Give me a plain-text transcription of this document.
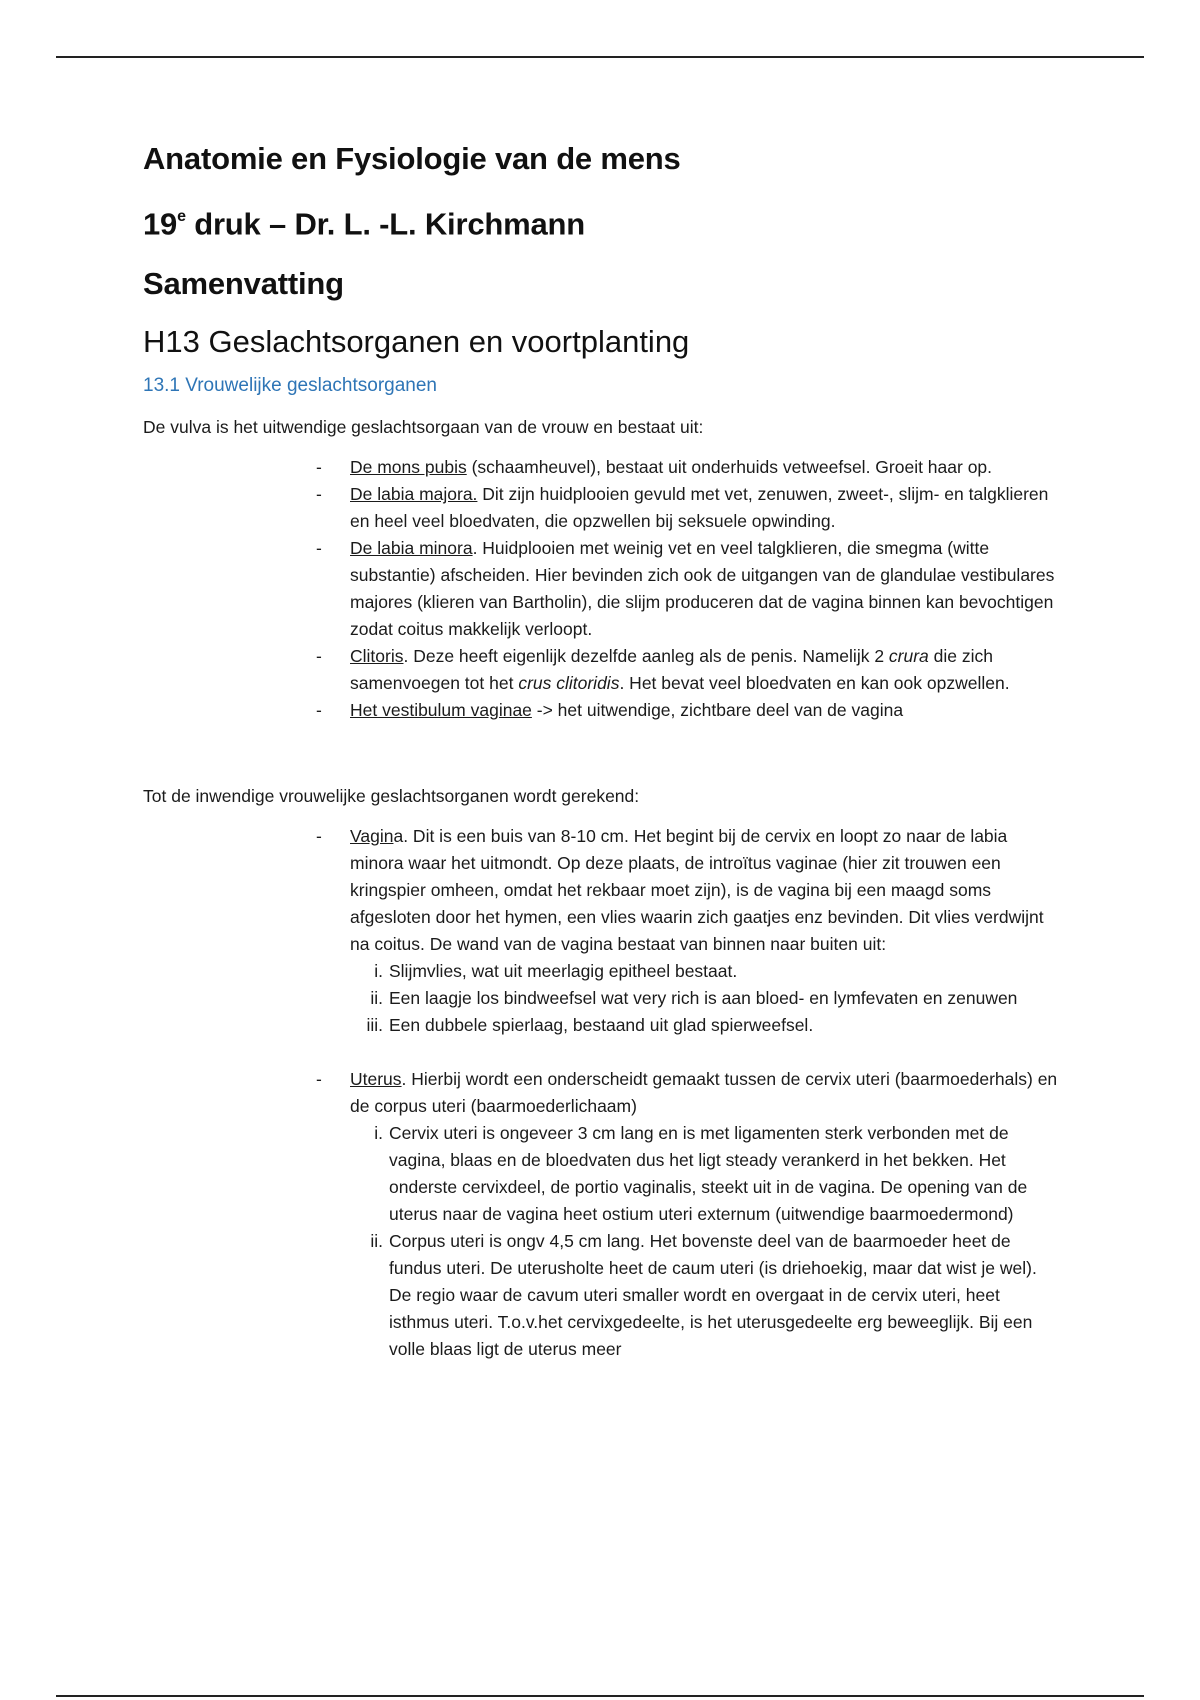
Anatomie en Fysiologie van de mens
19e druk – Dr. L. -L. Kirchmann
Samenvatting
H13 Geslachtsorganen en voortplanting
13.1 Vrouwelijke geslachtsorganen

De vulva is het uitwendige geslachtsorgaan van de vrouw en bestaat uit:

- De mons pubis (schaamheuvel), bestaat uit onderhuids vetweefsel. Groeit haar op.
- De labia majora. Dit zijn huidplooien gevuld met vet, zenuwen, zweet-, slijm- en talgklieren en heel veel bloedvaten, die opzwellen bij seksuele opwinding.
- De labia minora. Huidplooien met weinig vet en veel talgklieren, die smegma (witte substantie) afscheiden. Hier bevinden zich ook de uitgangen van de glandulae vestibulares majores (klieren van Bartholin), die slijm produceren dat de vagina binnen kan bevochtigen zodat coitus makkelijk verloopt.
- Clitoris. Deze heeft eigenlijk dezelfde aanleg als de penis. Namelijk 2 crura die zich samenvoegen tot het crus clitoridis. Het bevat veel bloedvaten en kan ook opzwellen.
- Het vestibulum vaginae -> het uitwendige, zichtbare deel van de vagina

Tot de inwendige vrouwelijke geslachtsorganen wordt gerekend:

- Vagina. Dit is een buis van 8-10 cm. Het begint bij de cervix en loopt zo naar de labia minora waar het uitmondt. Op deze plaats, de introïtus vaginae (hier zit trouwen een kringspier omheen, omdat het rekbaar moet zijn), is de vagina bij een maagd soms afgesloten door het hymen, een vlies waarin zich gaatjes enz bevinden. Dit vlies verdwijnt na coitus. De wand van de vagina bestaat van binnen naar buiten uit:
i. Slijmvlies, wat uit meerlagig epitheel bestaat.
ii. Een laagje los bindweefsel wat very rich is aan bloed- en lymfevaten en zenuwen
iii. Een dubbele spierlaag, bestaand uit glad spierweefsel.
- Uterus. Hierbij wordt een onderscheidt gemaakt tussen de cervix uteri (baarmoederhals) en de corpus uteri (baarmoederlichaam)
i. Cervix uteri is ongeveer 3 cm lang en is met ligamenten sterk verbonden met de vagina, blaas en de bloedvaten dus het ligt steady verankerd in het bekken. Het onderste cervixdeel, de portio vaginalis, steekt uit in de vagina. De opening van de uterus naar de vagina heet ostium uteri externum (uitwendige baarmoedermond)
ii. Corpus uteri is ongv 4,5 cm lang. Het bovenste deel van de baarmoeder heet de fundus uteri. De uterusholte heet de caum uteri (is driehoekig, maar dat wist je wel). De regio waar de cavum uteri smaller wordt en overgaat in de cervix uteri, heet isthmus uteri. T.o.v.het cervixgedeelte, is het uterusgedeelte erg beweeglijk. Bij een volle blaas ligt de uterus meer
